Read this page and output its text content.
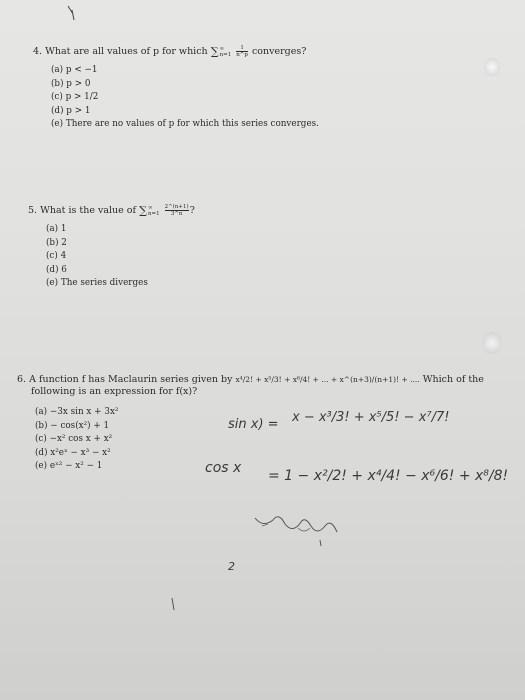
4. What are all values of p for which ∑∞
$n=1 \frac{1}{n\^{}p}$ converges?
(a) p < −1
(b) p > 0
(c) p > 1/2
(d) p > 1
(e) There are no values of p for which this series converges.
5. What is the value of ∑∞
$n=1 \frac{2\^{}(n+1)}{3\^{}n}$ ?
(a) 1
(b) 2
(c) 4
(d) 6
(e) The series diverges
6. A function f has Maclaurin series given by x⁴/2! + x⁵/3! + x⁶/4! + ... + x^(n+3)/(n+1)! + .... Which of the
following is an expression for f(x)?
(a) −3x sin x + 3x²
(b) − cos(x²) + 1
(c) −x² cos x + x²
(d) x²eˣ − x³ − x²
(e) eˣ² − x² − 1
sin x) = x − x³/3! + x⁵/5! − x⁷/7!
cos x = 1 − x²/2! + x⁴/4! − x⁶/6! + x⁸/8!
2
